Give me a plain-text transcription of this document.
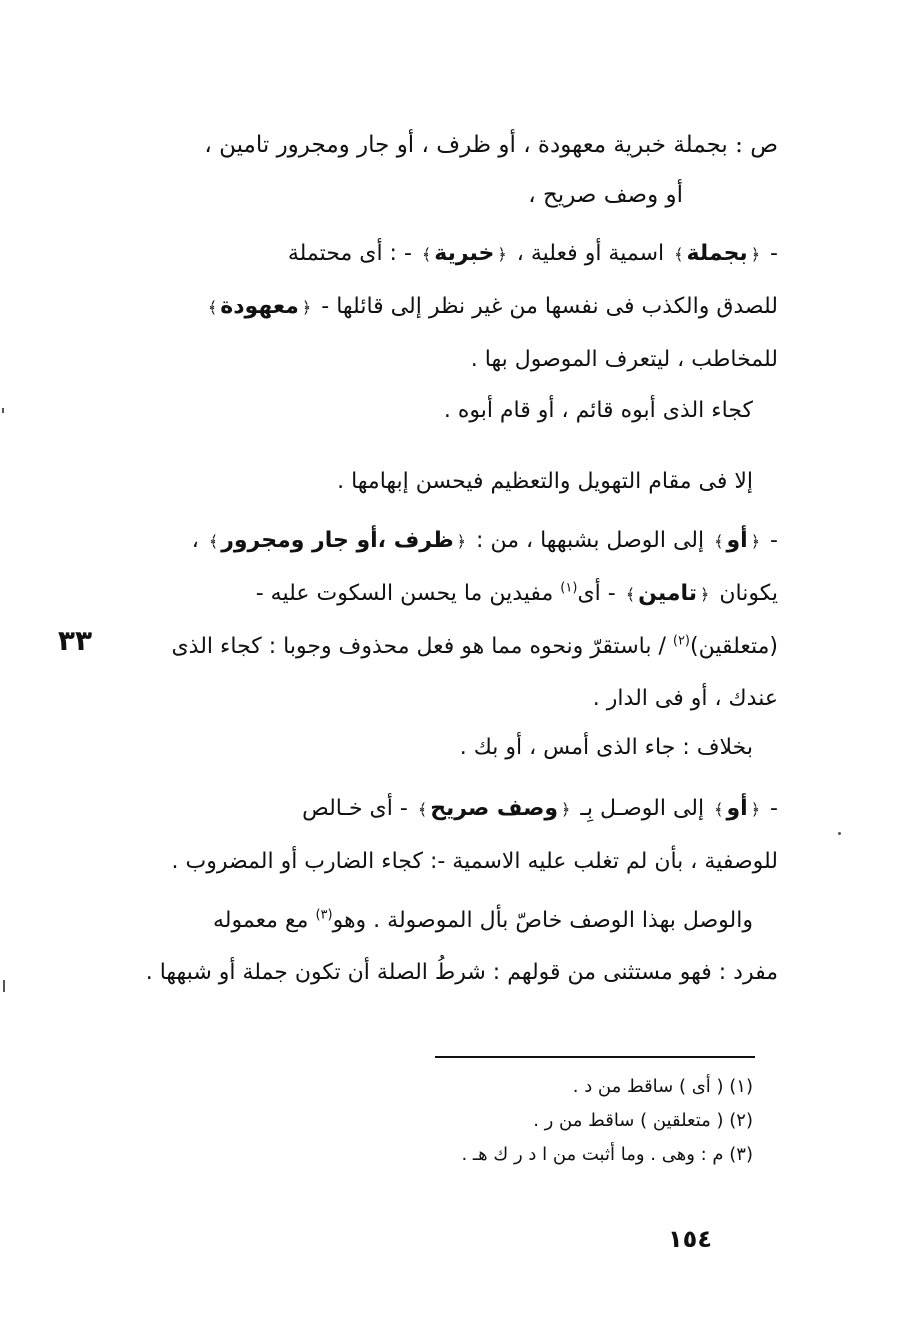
ص : بجملة خبرية معهودة ، أو ظرف ، أو جار ومجرور تامين ،
أو وصف صريح ،
- ﴿بجملة﴾ اسمية أو فعلية ، ﴿خبرية﴾ - : أى محتملة
للصدق والكذب فى نفسها من غير نظر إلى قائلها - ﴿معهودة﴾
للمخاطب ، ليتعرف الموصول بها .
كجاء الذى أبوه قائم ، أو قام أبوه .
إلا فى مقام التهويل والتعظيم فيحسن إبهامها .
- ﴿أو﴾ إلى الوصل بشبهها ، من : ﴿ظرف ،أو جار ومجرور﴾ ،
يكونان ﴿تامين﴾ - أى$^{(١)}$ مفيدين ما يحسن السكوت عليه -
(متعلقين)$^{(٢)}$ / باستقرّ ونحوه مما هو فعل محذوف وجوبا : كجاء الذى
عندك ، أو فى الدار .
٣٣
بخلاف : جاء الذى أمس ، أو بك .
- ﴿أو﴾ إلى الوصـل بِـ ﴿وصف صريح﴾ - أى خـالص
للوصفية ، بأن لم تغلب عليه الاسمية -: كجاء الضارب أو المضروب .
والوصل بهذا الوصف خاصّ بأل الموصولة . وهو$^{(٣)}$ مع معموله
مفرد : فهو مستثنى من قولهم : شرطُ الصلة أن تكون جملة أو شبهها .
(١) ( أى ) ساقط من د .
(٢) ( متعلقين ) ساقط من ر .
(٣) م : وهى . وما أثبت من ا د ر ك هـ .
١٥٤
